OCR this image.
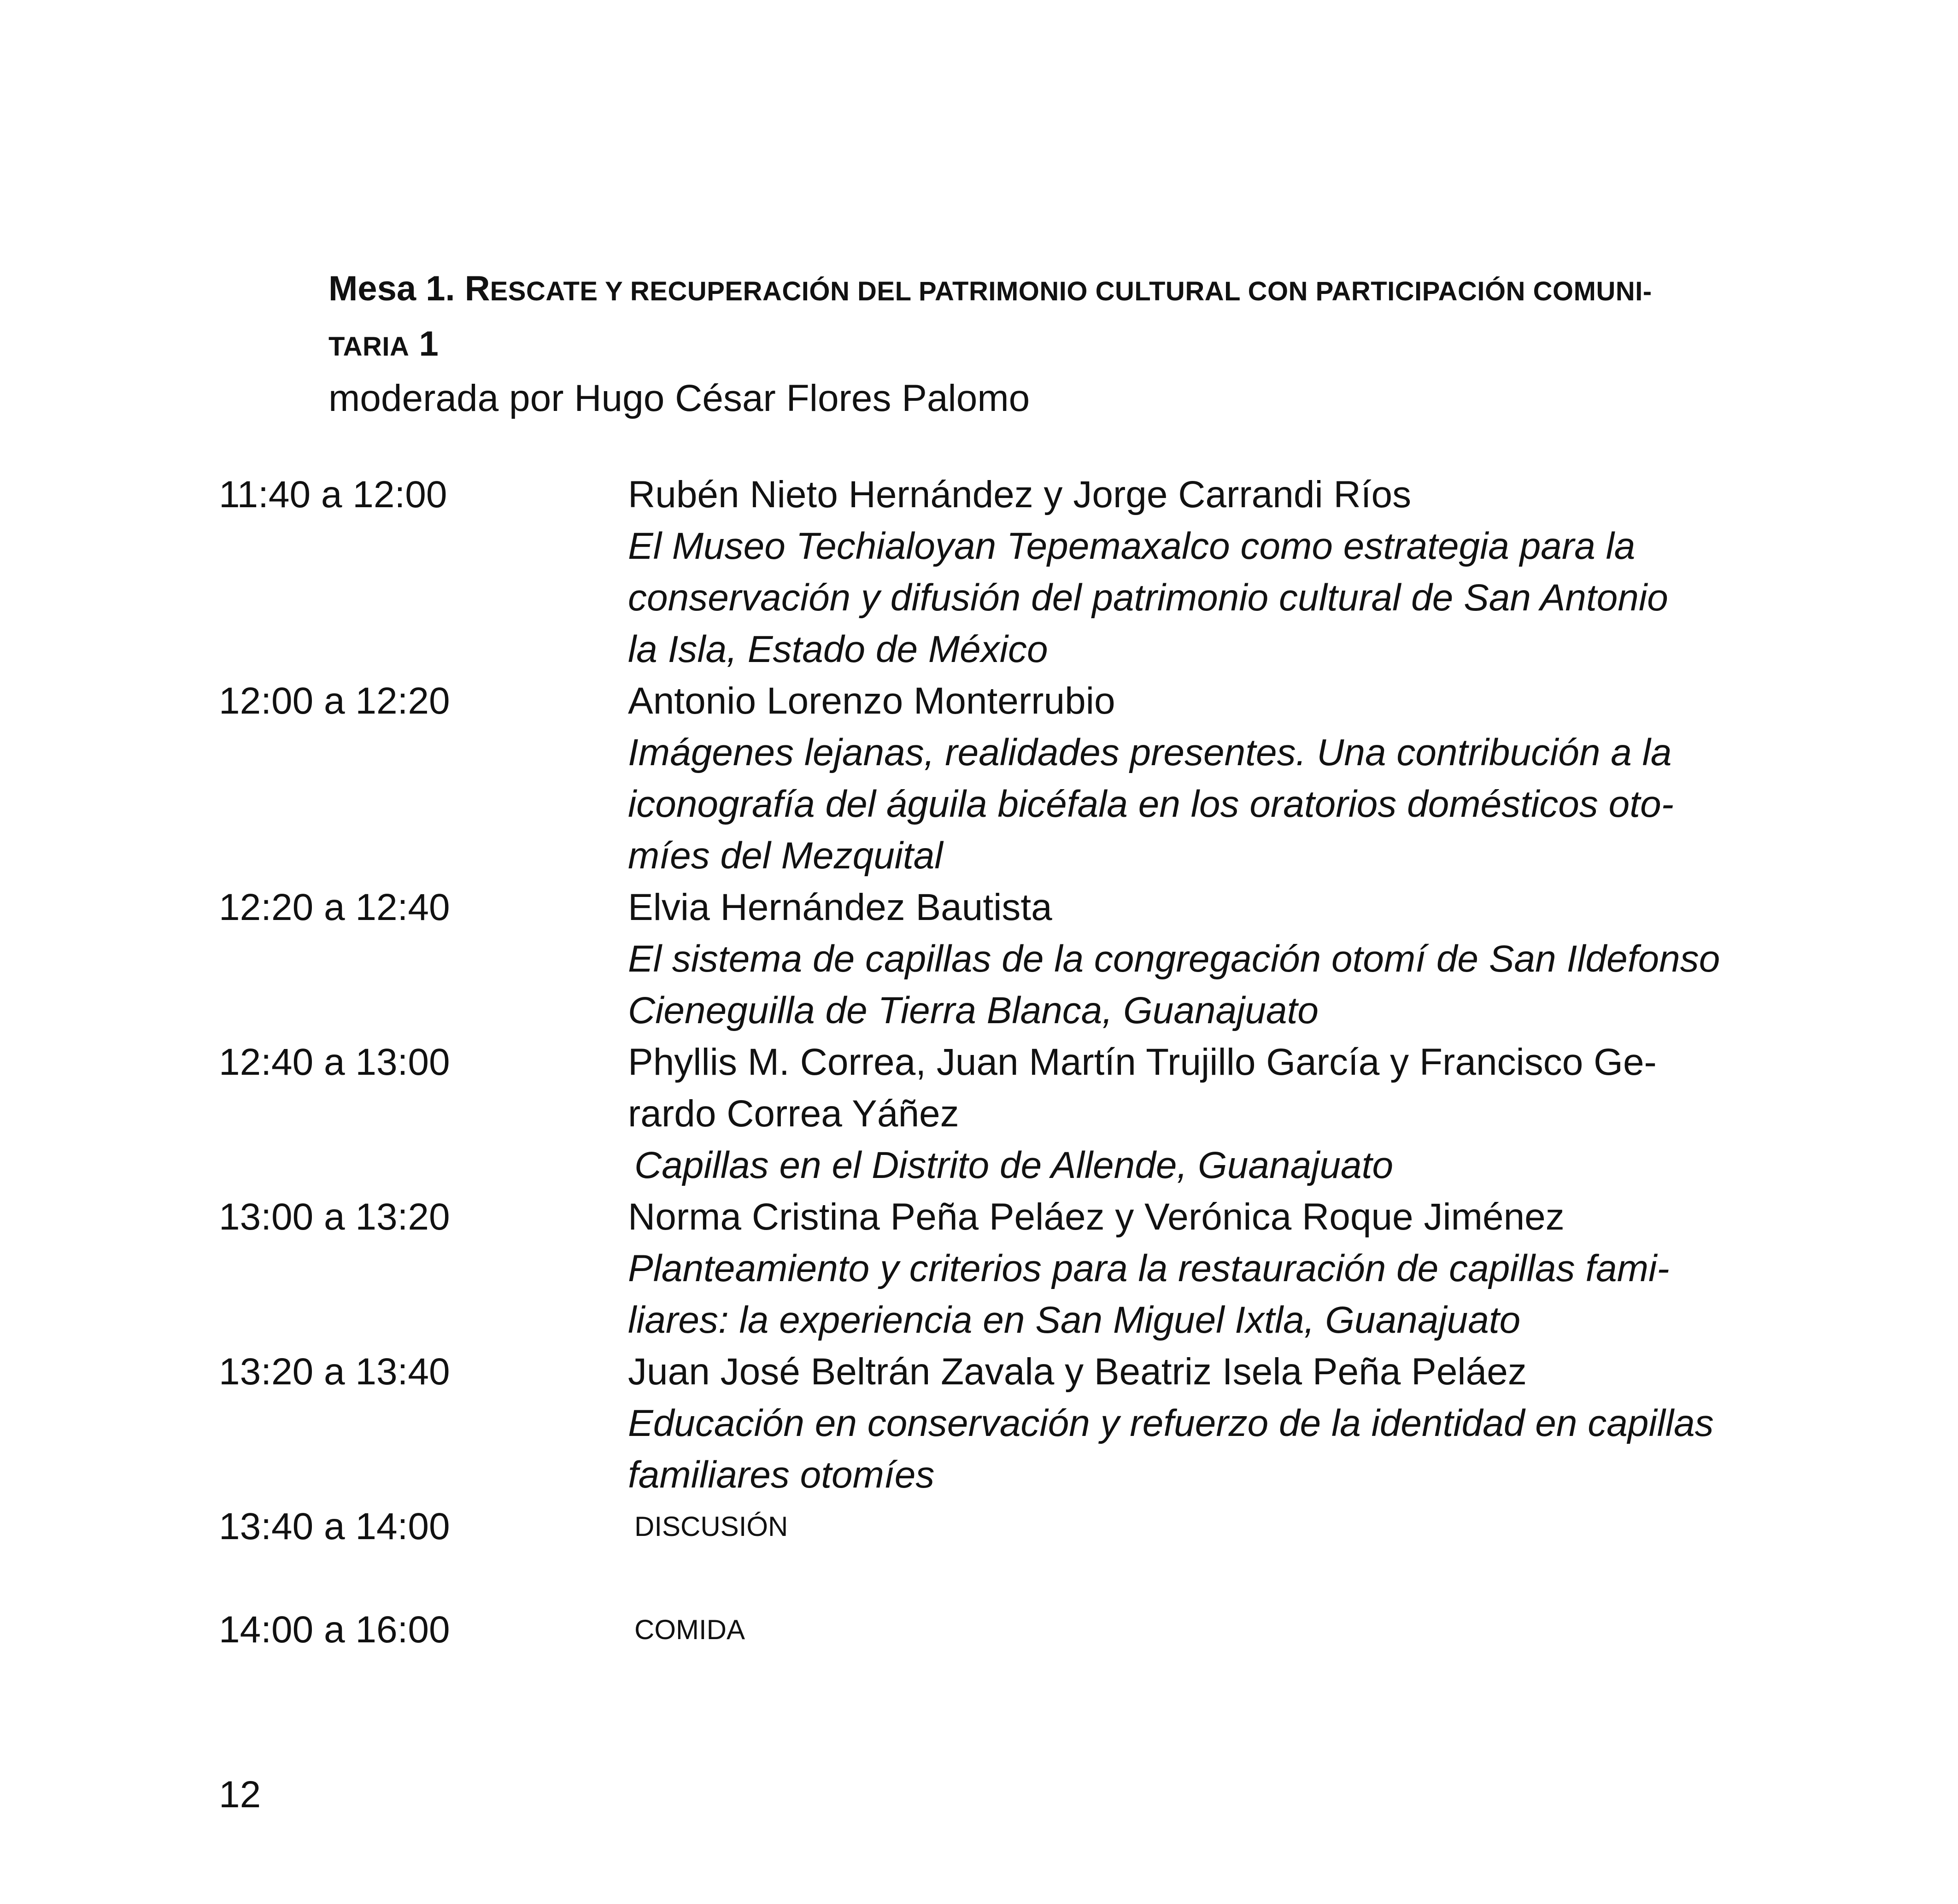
Mesa 1. RESCATE Y RECUPERACIÓN DEL PATRIMONIO CULTURAL CON PARTICIPACIÓN COMUNI-
TARIA 1

moderada por Hugo César Flores Palomo

11:40 a 12:00	Rubén Nieto Hernández y Jorge Carrandi Ríos
El Museo Techialoyan Tepemaxalco como estrategia para la
conservación y difusión del patrimonio cultural de San Antonio
la Isla, Estado de México
12:00 a 12:20	Antonio Lorenzo Monterrubio
Imágenes lejanas, realidades presentes. Una contribución a la
iconografía del águila bicéfala en los oratorios domésticos oto-
míes del Mezquital
12:20 a 12:40	Elvia Hernández Bautista
El sistema de capillas de la congregación otomí de San Ildefonso
Cieneguilla de Tierra Blanca, Guanajuato
12:40 a 13:00	Phyllis M. Correa, Juan Martín Trujillo García y Francisco Ge-
rardo Correa Yáñez
Capillas en el Distrito de Allende, Guanajuato
13:00 a 13:20	Norma Cristina Peña Peláez y Verónica Roque Jiménez
Planteamiento y criterios para la restauración de capillas fami-
liares: la experiencia en San Miguel Ixtla, Guanajuato
13:20 a 13:40	Juan José Beltrán Zavala y Beatriz Isela Peña Peláez
Educación en conservación y refuerzo de la identidad en capillas
familiares otomíes
13:40 a 14:00	DISCUSIÓN
14:00 a 16:00	COMIDA
12
